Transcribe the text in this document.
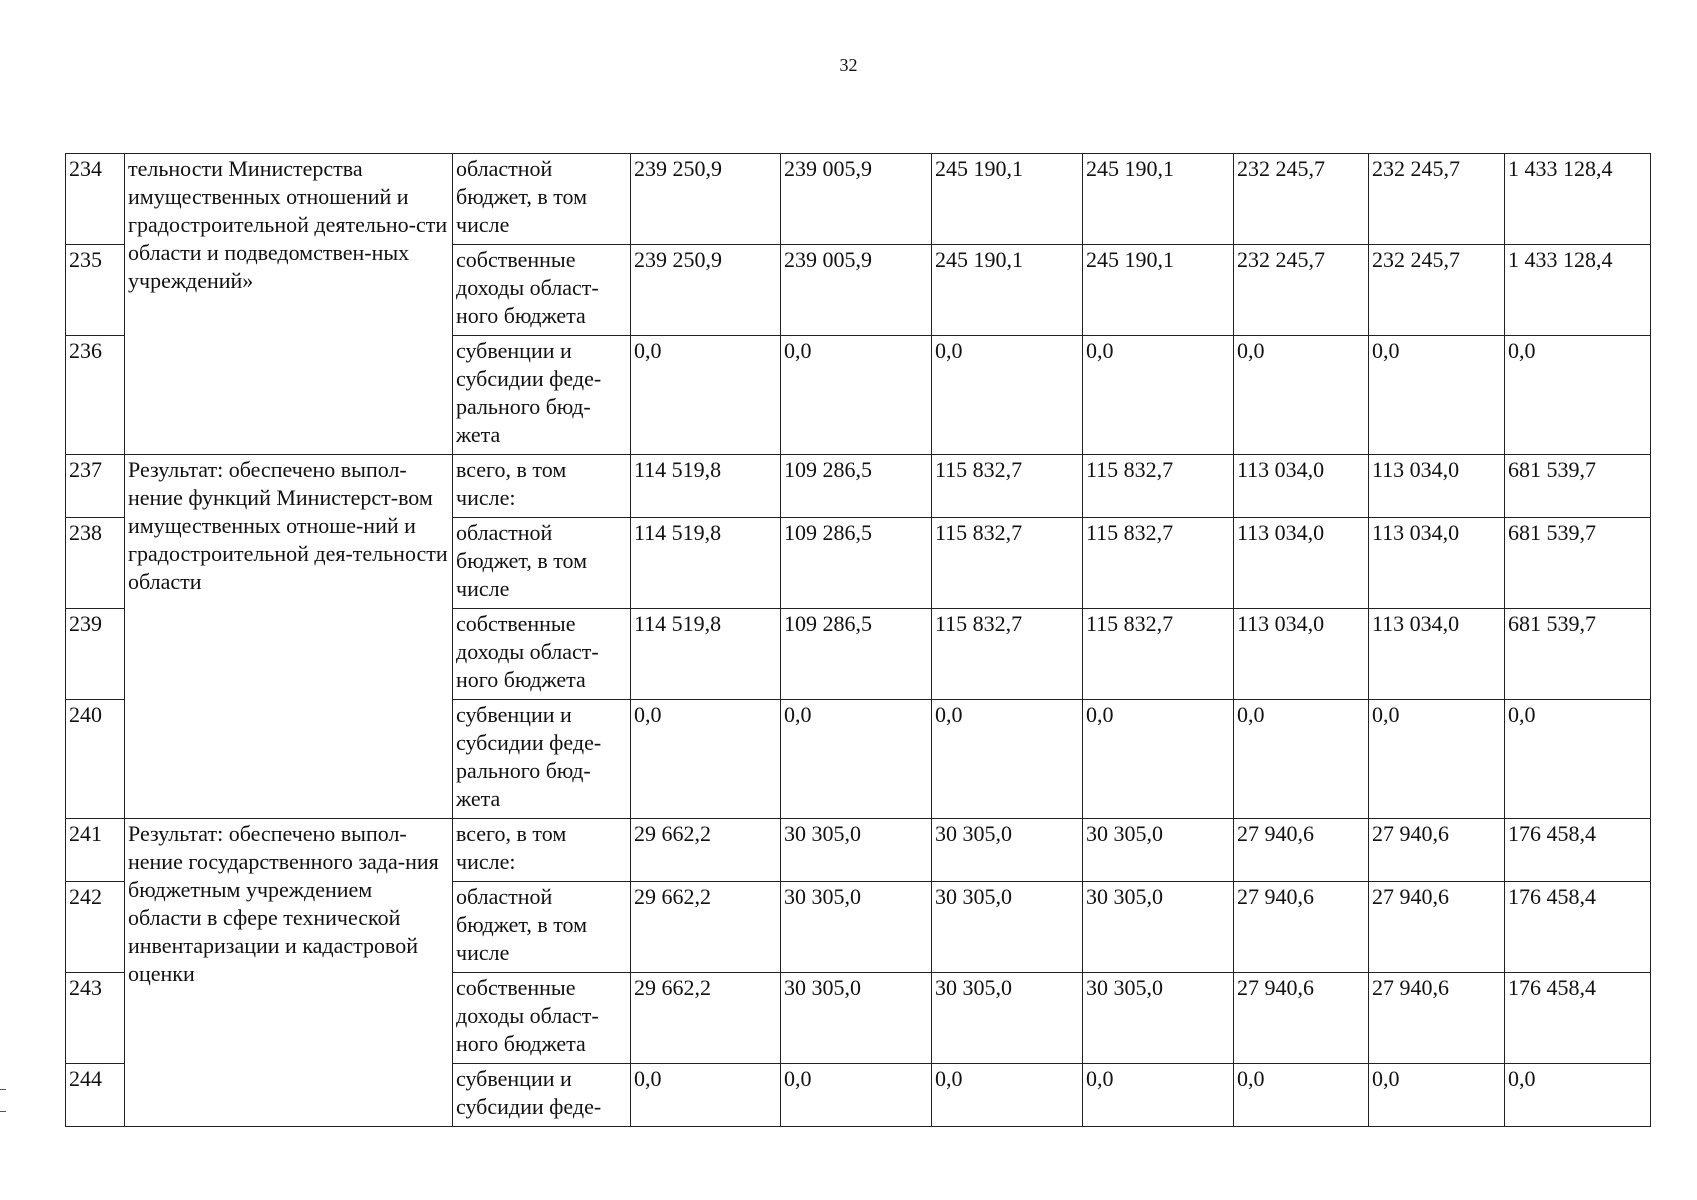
32
234	тельности Министерства имущественных отношений и градостроительной деятельно-сти области и подведомствен-ных учреждений»	областной бюджет, в том числе	239 250,9	239 005,9	245 190,1	245 190,1	232 245,7	232 245,7	1 433 128,4
235		собственные доходы област-ного бюджета	239 250,9	239 005,9	245 190,1	245 190,1	232 245,7	232 245,7	1 433 128,4
236		субвенции и субсидии феде-рального бюд-жета	0,0	0,0	0,0	0,0	0,0	0,0	0,0
237	Результат: обеспечено выпол-нение функций Министерст-вом имущественных отноше-ний и градостроительной дея-тельности области	всего, в том числе:	114 519,8	109 286,5	115 832,7	115 832,7	113 034,0	113 034,0	681 539,7
238		областной бюджет, в том числе	114 519,8	109 286,5	115 832,7	115 832,7	113 034,0	113 034,0	681 539,7
239		собственные доходы област-ного бюджета	114 519,8	109 286,5	115 832,7	115 832,7	113 034,0	113 034,0	681 539,7
240		субвенции и субсидии феде-рального бюд-жета	0,0	0,0	0,0	0,0	0,0	0,0	0,0
241	Результат: обеспечено выпол-нение государственного зада-ния бюджетным учреждением области в сфере технической инвентаризации и кадастровой оценки	всего, в том числе:	29 662,2	30 305,0	30 305,0	30 305,0	27 940,6	27 940,6	176 458,4
242		областной бюджет, в том числе	29 662,2	30 305,0	30 305,0	30 305,0	27 940,6	27 940,6	176 458,4
243		собственные доходы област-ного бюджета	29 662,2	30 305,0	30 305,0	30 305,0	27 940,6	27 940,6	176 458,4
244		субвенции и субсидии феде-	0,0	0,0	0,0	0,0	0,0	0,0	0,0
